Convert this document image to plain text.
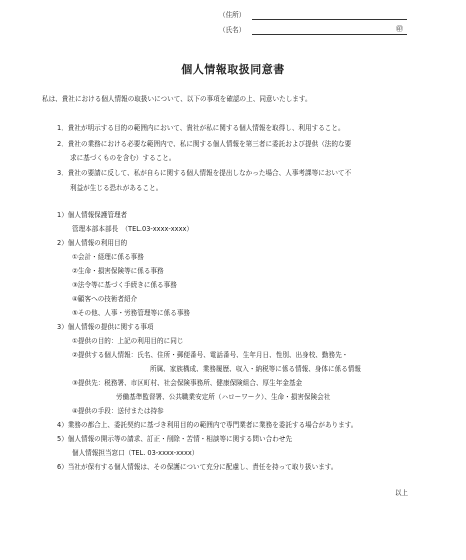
（住所）
（氏名）	㊞
個人情報取扱同意書
私は、貴社における個人情報の取扱いについて、以下の事項を確認の上、同意いたします。
1．貴社が明示する目的の範囲内において、貴社が私に関する個人情報を取得し、利用すること。
2．貴社の業務における必要な範囲内で、私に関する個人情報を第三者に委託および提供（法的な要
求に基づくものを含む）すること。
3．貴社の要請に反して、私が自らに関する個人情報を提出しなかった場合、人事考課等において不
利益が生じる恐れがあること。
1）個人情報保護管理者
管理本部本部長　（TEL.03-xxxx-xxxx）
2）個人情報の利用目的
①会計・経理に係る事務
②生命・損害保険等に係る事務
③法令等に基づく手続きに係る事務
④顧客への技術者紹介
⑤その他、人事・労務管理等に係る事務
3）個人情報の提供に関する事項
①提供の目的：上記の利用目的に同じ
②提供する個人情報：氏名、住所・郵便番号、電話番号、生年月日、性別、出身校、勤務先・
所属、家族構成、業務履歴、収入・納税等に係る情報、身体に係る情報
③提供先：税務署、市区町村、社会保険事務所、健康保険組合、厚生年金基金
労働基準監督署、公共職業安定所（ハローワーク）、生命・損害保険会社
④提供の手段：送付または持参
4）業務の都合上、委託契約に基づき利用目的の範囲内で専門業者に業務を委託する場合があります。
5）個人情報の開示等の請求、訂正・削除・苦情・相談等に関する問い合わせ先
個人情報担当窓口（TEL. 03-xxxx-xxxx）
6）当社が保有する個人情報は、その保護について充分に配慮し、責任を持って取り扱います。
以上
